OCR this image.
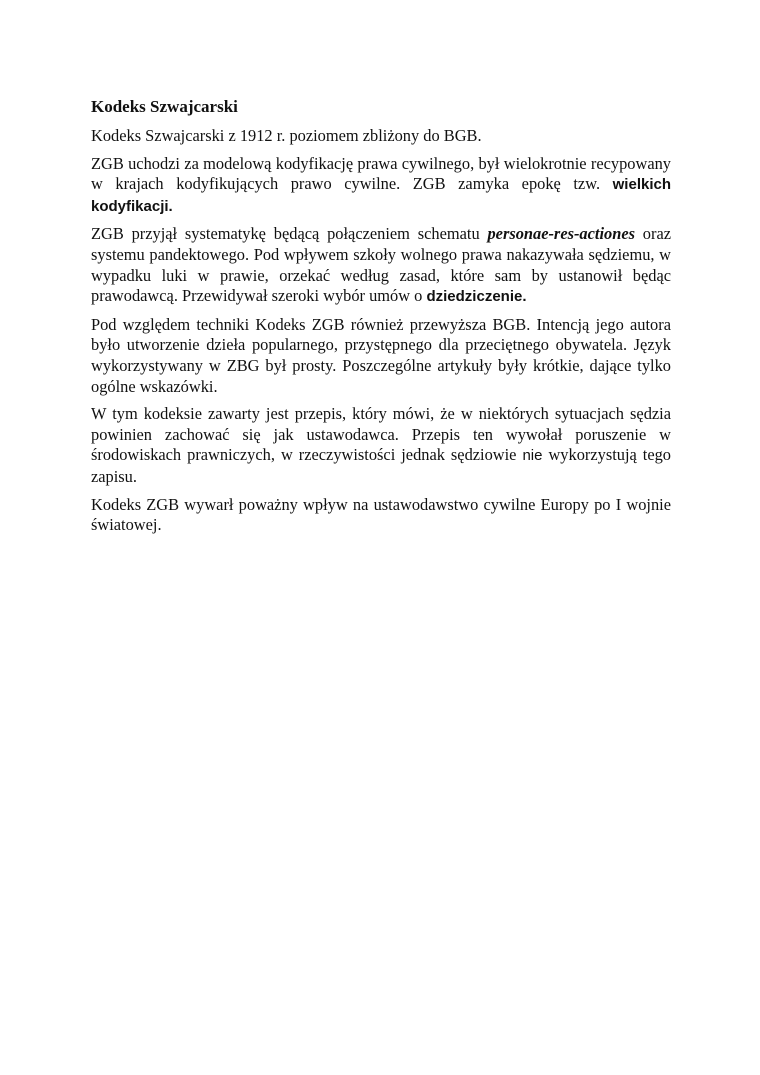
Kodeks Szwajcarski

Kodeks Szwajcarski z 1912 r. poziomem zbliżony do BGB.

ZGB uchodzi za modelową kodyfikację prawa cywilnego, był wielokrotnie recypowany w krajach kodyfikujących prawo cywilne. ZGB zamyka epokę tzw. wielkich kodyfikacji.

ZGB przyjął systematykę będącą połączeniem schematu personae-res-actiones oraz systemu pandektowego. Pod wpływem szkoły wolnego prawa nakazywała sędziemu, w wypadku luki w prawie, orzekać według zasad, które sam by ustanowił będąc prawodawcą. Przewidywał szeroki wybór umów o dziedziczenie.

Pod względem techniki Kodeks ZGB również przewyższa BGB. Intencją jego autora było utworzenie dzieła popularnego, przystępnego dla przeciętnego obywatela. Język wykorzystywany w ZBG był prosty. Poszczególne artykuły były krótkie, dające tylko ogólne wskazówki.

W tym kodeksie zawarty jest przepis, który mówi, że w niektórych sytuacjach sędzia powinien zachować się jak ustawodawca. Przepis ten wywołał poruszenie w środowiskach prawniczych, w rzeczywistości jednak sędziowie nie wykorzystują tego zapisu.

Kodeks ZGB wywarł poważny wpływ na ustawodawstwo cywilne Europy po I wojnie światowej.
